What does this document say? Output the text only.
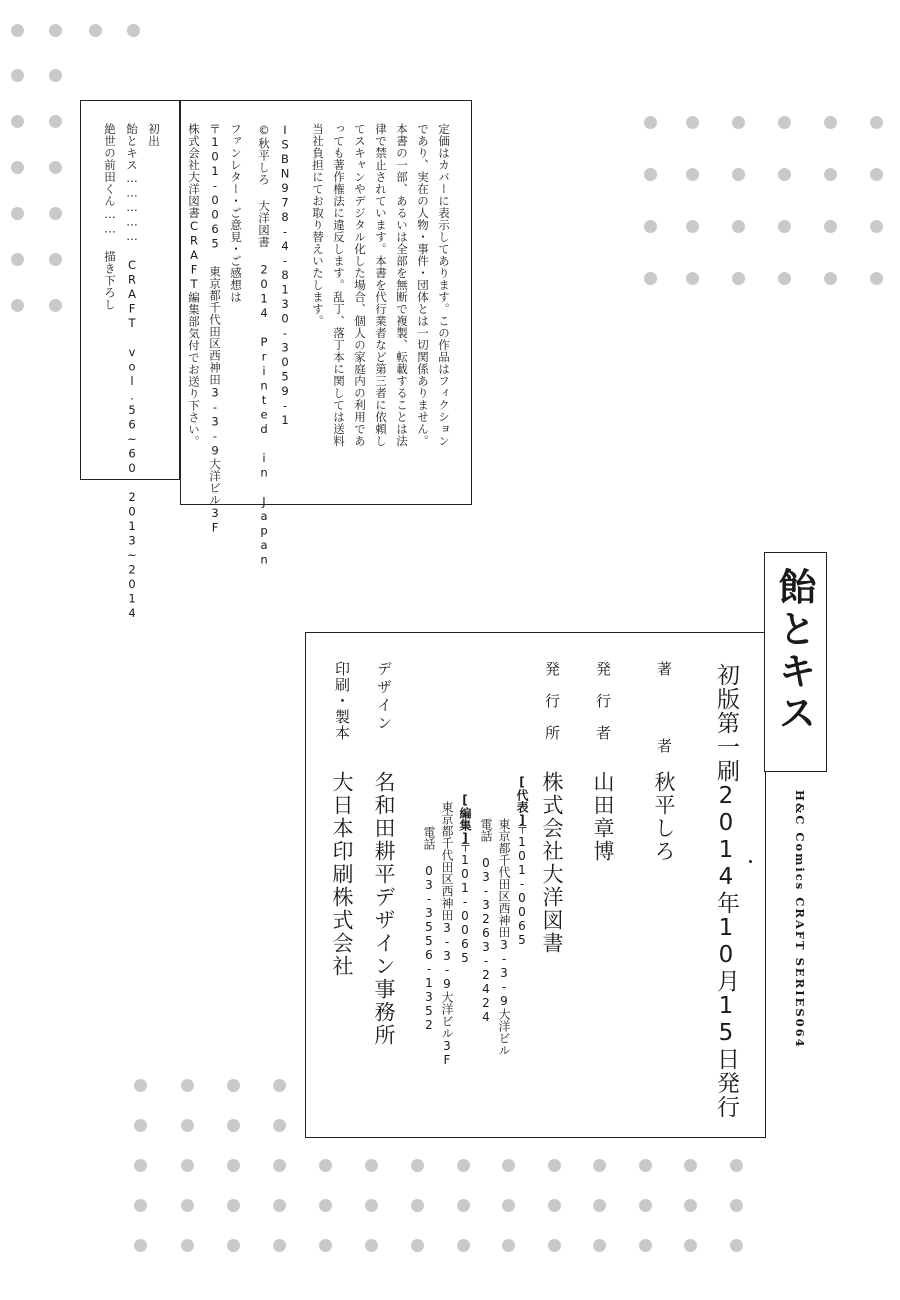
初出
飴とキス…………… CRAFT vol.56~60 2013~2014
絶世の前田くん…… 描き下ろし	定価はカバーに表示してあります。この作品はフィクション
であり、実在の人物・事件・団体とは一切関係ありません。
本書の一部、あるいは全部を無断で複製、転載することは法
律で禁止されています。本書を代行業者など第三者に依頼し
てスキャンやデジタル化した場合、個人の家庭内の利用であ
っても著作権法に違反します。乱丁、落丁本に関しては送料
当社負担にてお取り替えいたします。
ISBN978-4-8130-3059-1
©秋平しろ 大洋図書 2014 Printed in Japan
ファンレター・ご意見・ご感想は
〒101-0065 東京都千代田区西神田3-3-9大洋ビル3F
株式会社大洋図書CRAFT編集部気付でお送り下さい。
初版第一刷2014年10月15日発行
著 者
秋平しろ
発行者
山田章博
発行所
株式会社大洋図書
[代表]
〒101-0065
東京都千代田区西神田3-3-9大洋ビル
電話 03-3263-2424
[編集]
〒101-0065
東京都千代田区西神田3-3-9大洋ビル3F
電話 03-3556-1352
デザイン
名和田耕平デザイン事務所
印刷・製本
大日本印刷株式会社
飴とキス
H&C Comics CRAFT SERIES064
